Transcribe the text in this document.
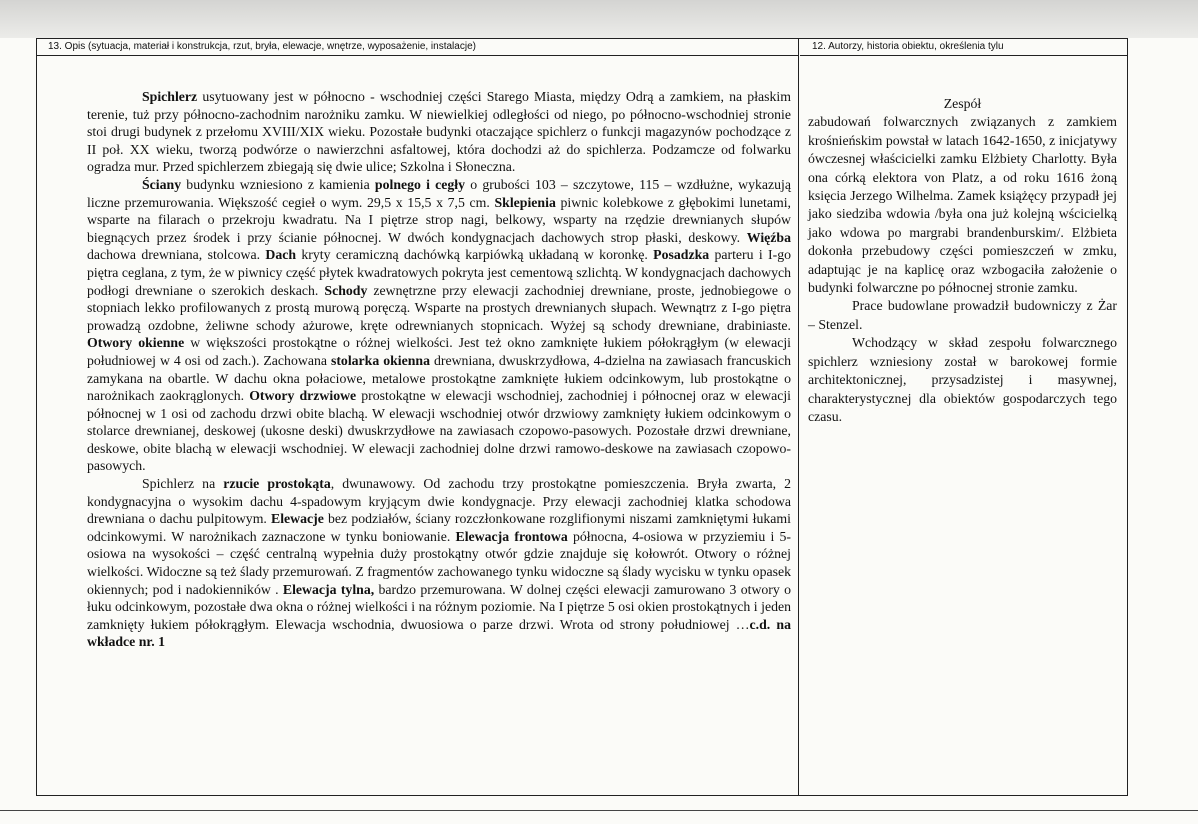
13. Opis (sytuacja, materiał i konstrukcja, rzut, bryła, elewacje, wnętrze, wyposażenie, instalacje)	12. Autorzy, historia obiektu, określenia tylu

Spichlerz usytuowany jest w północno - wschodniej części Starego Miasta, między Odrą a zamkiem, na płaskim terenie, tuż przy północno-zachodnim narożniku zamku. W niewielkiej odległości od niego, po północno-wschodniej stronie stoi drugi budynek z przełomu XVIII/XIX wieku. Pozostałe budynki otaczające spichlerz o funkcji magazynów pochodzące z II poł. XX wieku, tworzą podwórze o nawierzchni asfaltowej, która dochodzi aż do spichlerza. Podzamcze od folwarku ogradza mur. Przed spichlerzem zbiegają się dwie ulice; Szkolna i Słoneczna.

Ściany budynku wzniesiono z kamienia polnego i cegły o grubości 103 – szczytowe, 115 – wzdłużne, wykazują liczne przemurowania. Większość cegieł o wym. 29,5 x 15,5 x 7,5 cm. Sklepienia piwnic kolebkowe z głębokimi lunetami, wsparte na filarach o przekroju kwadratu. Na I piętrze strop nagi, belkowy, wsparty na rzędzie drewnianych słupów biegnących przez środek i przy ścianie północnej. W dwóch kondygnacjach dachowych strop płaski, deskowy. Więźba dachowa drewniana, stolcowa. Dach kryty ceramiczną dachówką karpiówką układaną w koronkę. Posadzka parteru i I-go piętra ceglana, z tym, że w piwnicy część płytek kwadratowych pokryta jest cementową szlichtą. W kondygnacjach dachowych podłogi drewniane o szerokich deskach. Schody zewnętrzne przy elewacji zachodniej drewniane, proste, jednobiegowe o stopniach lekko profilowanych z prostą murową poręczą. Wsparte na prostych drewnianych słupach. Wewnątrz z I-go piętra prowadzą ozdobne, żeliwne schody ażurowe, kręte odrewnianych stopnicach. Wyżej są schody drewniane, drabiniaste. Otwory okienne w większości prostokątne o różnej wielkości. Jest też okno zamknięte łukiem półokrągłym (w elewacji południowej w 4 osi od zach.). Zachowana stolarka okienna drewniana, dwuskrzydłowa, 4-dzielna na zawiasach francuskich zamykana na obartle. W dachu okna połaciowe, metalowe prostokątne zamknięte łukiem odcinkowym, lub prostokątne o narożnikach zaokrąglonych. Otwory drzwiowe prostokątne w elewacji wschodniej, zachodniej i północnej oraz w elewacji północnej w 1 osi od zachodu drzwi obite blachą. W elewacji wschodniej otwór drzwiowy zamknięty łukiem odcinkowym o stolarce drewnianej, deskowej (ukosne deski) dwuskrzydłowe na zawiasach czopowo-pasowych. Pozostałe drzwi drewniane, deskowe, obite blachą w elewacji wschodniej. W elewacji zachodniej dolne drzwi ramowo-deskowe na zawiasach czopowo-pasowych.

Spichlerz na rzucie prostokąta, dwunawowy. Od zachodu trzy prostokątne pomieszczenia. Bryła zwarta, 2 kondygnacyjna o wysokim dachu 4-spadowym kryjącym dwie kondygnacje. Przy elewacji zachodniej klatka schodowa drewniana o dachu pulpitowym. Elewacje bez podziałów, ściany rozczłonkowane rozglifionymi niszami zamkniętymi łukami odcinkowymi. W narożnikach zaznaczone w tynku boniowanie. Elewacja frontowa północna, 4-osiowa w przyziemiu i 5-osiowa na wysokości – część centralną wypełnia duży prostokątny otwór gdzie znajduje się kołowrót. Otwory o różnej wielkości. Widoczne są też ślady przemurowań. Z fragmentów zachowanego tynku widoczne są ślady wycisku w tynku opasek okiennych; pod i nadokienników . Elewacja tylna, bardzo przemurowana. W dolnej części elewacji zamurowano 3 otwory o łuku odcinkowym, pozostałe dwa okna o różnej wielkości i na różnym poziomie. Na I piętrze 5 osi okien prostokątnych i jeden zamknięty łukiem półokrągłym. Elewacja wschodnia, dwuosiowa o parze drzwi. Wrota od strony południowej …c.d. na wkładce nr. 1

Zespół

zabudowań folwarcznych związanych z zamkiem krośnieńskim powstał w latach 1642-1650, z inicjatywy ówczesnej właścicielki zamku Elżbiety Charlotty. Była ona córką elektora von Platz, a od roku 1616 żoną księcia Jerzego Wilhelma. Zamek książęcy przypadł jej jako siedziba wdowia /była ona już kolejną wścicielką jako wdowa po margrabi brandenburskim/. Elżbieta dokonła przebudowy części pomieszczeń w zmku, adaptując je na kaplicę oraz wzbogaciła założenie o budynki folwarczne po północnej stronie zamku.

Prace budowlane prowadził budowniczy z Żar – Stenzel.

Wchodzący w skład zespołu folwarcznego spichlerz wzniesiony został w barokowej formie architektonicznej, przysadzistej i masywnej, charakterystycznej dla obiektów gospodarczych tego czasu.
